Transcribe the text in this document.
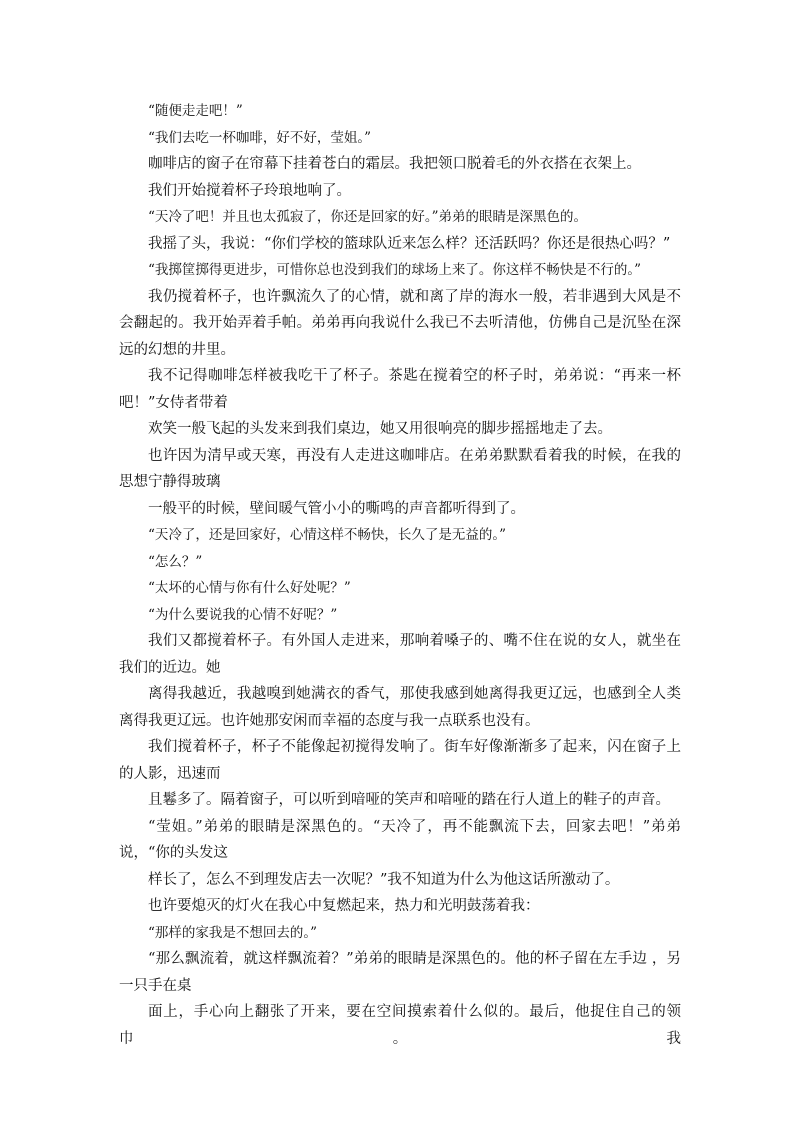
“随便走走吧！”

“我们去吃一杯咖啡，好不好，莹姐。”

咖啡店的窗子在帘幕下挂着苍白的霜层。我把领口脱着毛的外衣搭在衣架上。

我们开始搅着杯子玲琅地响了。

“天冷了吧！并且也太孤寂了，你还是回家的好。”弟弟的眼睛是深黑色的。

我摇了头，我说：“你们学校的篮球队近来怎么样？还活跃吗？你还是很热心吗？”

“我掷筐掷得更进步，可惜你总也没到我们的球场上来了。你这样不畅快是不行的。”

我仍搅着杯子，也许飘流久了的心情，就和离了岸的海水一般，若非遇到大风是不会翻起的。我开始弄着手帕。弟弟再向我说什么我已不去听清他，仿佛自己是沉坠在深远的幻想的井里。

我不记得咖啡怎样被我吃干了杯子。茶匙在搅着空的杯子时，弟弟说：“再来一杯吧！”女侍者带着

欢笑一般飞起的头发来到我们桌边，她又用很响亮的脚步摇摇地走了去。

也许因为清早或天寒，再没有人走进这咖啡店。在弟弟默默看着我的时候，在我的思想宁静得玻璃

一般平的时候，壁间暖气管小小的嘶鸣的声音都听得到了。

“天冷了，还是回家好，心情这样不畅快，长久了是无益的。”

“怎么？”

“太坏的心情与你有什么好处呢？”

“为什么要说我的心情不好呢？”

我们又都搅着杯子。有外国人走进来，那响着嗓子的、嘴不住在说的女人，就坐在我们的近边。她

离得我越近，我越嗅到她满衣的香气，那使我感到她离得我更辽远，也感到全人类离得我更辽远。也许她那安闲而幸福的态度与我一点联系也没有。

我们搅着杯子，杯子不能像起初搅得发响了。街车好像渐渐多了起来，闪在窗子上的人影，迅速而

且鬈多了。隔着窗子，可以听到喑哑的笑声和喑哑的踏在行人道上的鞋子的声音。

“莹姐。”弟弟的眼睛是深黑色的。“天冷了，再不能飘流下去，回家去吧！”弟弟说，“你的头发这

样长了，怎么不到理发店去一次呢？”我不知道为什么为他这话所激动了。

也许要熄灭的灯火在我心中复燃起来，热力和光明鼓荡着我：

“那样的家我是不想回去的。”

“那么飘流着，就这样飘流着？”弟弟的眼睛是深黑色的。他的杯子留在左手边 ，另一只手在桌

面上，手心向上翻张了开来，要在空间摸索着什么似的。最后，他捉住自己的领巾。我
